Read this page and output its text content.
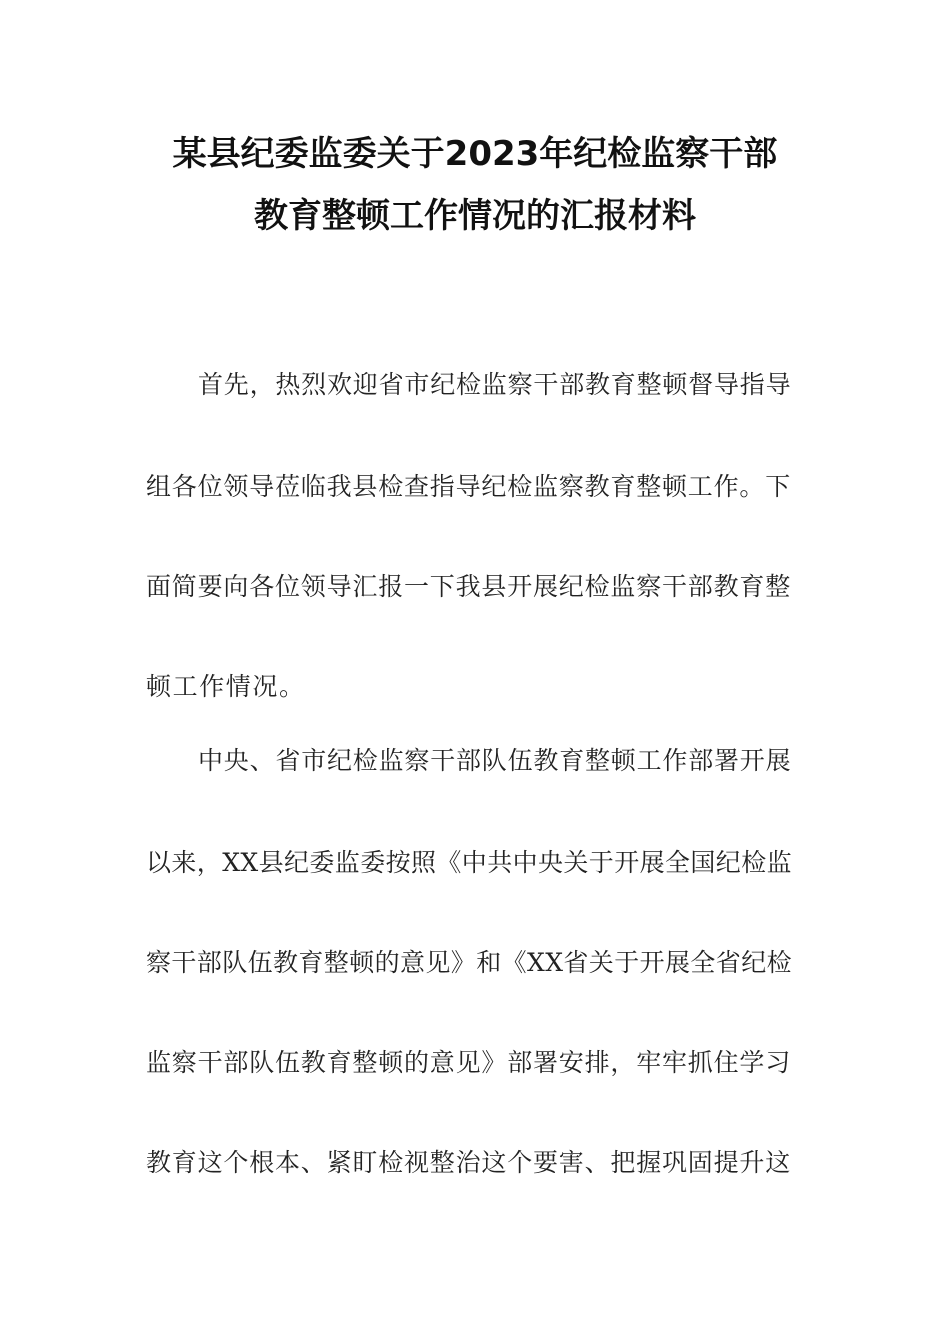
某县纪委监委关于2023年纪检监察干部
教育整顿工作情况的汇报材料
首先，热烈欢迎省市纪检监察干部教育整顿督导指导
组各位领导莅临我县检查指导纪检监察教育整顿工作。下
面简要向各位领导汇报一下我县开展纪检监察干部教育整
顿工作情况。
中央、省市纪检监察干部队伍教育整顿工作部署开展
以来，XX县纪委监委按照《中共中央关于开展全国纪检监
察干部队伍教育整顿的意见》和《XX省关于开展全省纪检
监察干部队伍教育整顿的意见》部署安排，牢牢抓住学习
教育这个根本、紧盯检视整治这个要害、把握巩固提升这
